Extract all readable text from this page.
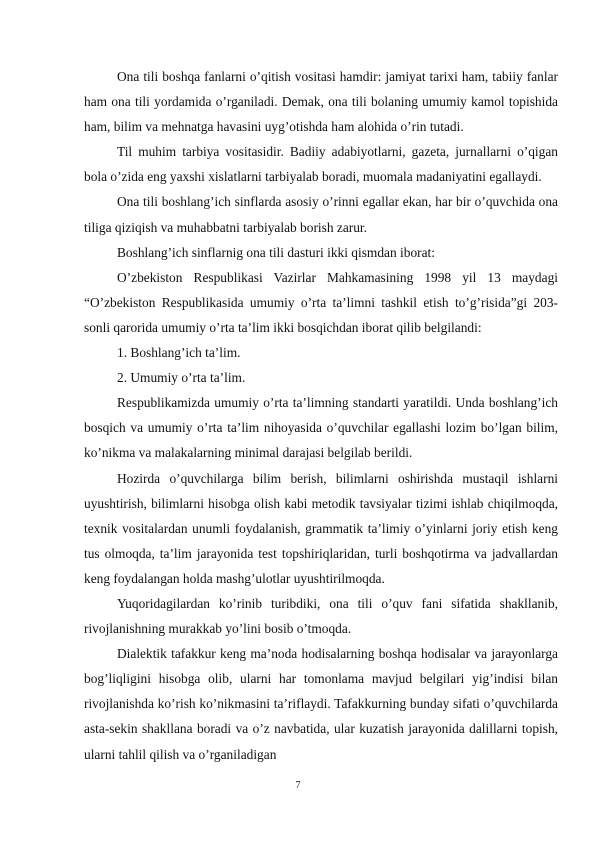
Ona tili boshqa fanlarni o’qitish vositasi hamdir: jamiyat tarixi ham, tabiiy fanlar ham ona tili yordamida o’rganiladi. Demak, ona tili bolaning umumiy kamol topishida ham, bilim va mehnatga havasini uyg’otishda ham alohida o’rin tutadi.

Til muhim tarbiya vositasidir. Badiiy adabiyotlarni, gazeta, jurnallarni o’qigan bola o’zida eng yaxshi xislatlarni tarbiyalab boradi, muomala madaniyatini egallaydi.

Ona tili boshlang’ich sinflarda asosiy o’rinni egallar ekan, har bir o’quvchida ona tiliga qiziqish va muhabbatni tarbiyalab borish zarur.

Boshlang’ich sinflarnig ona tili dasturi ikki qismdan iborat:

O’zbekiston Respublikasi Vazirlar Mahkamasining 1998 yil 13 maydagi “O’zbekiston Respublikasida umumiy o’rta ta’limni tashkil etish to’g’risida”gi 203-sonli qarorida umumiy o’rta ta’lim ikki bosqichdan iborat qilib belgilandi:

1. Boshlang’ich ta’lim.

2. Umumiy o’rta ta’lim.

Respublikamizda umumiy o’rta ta’limning standarti yaratildi. Unda boshlang’ich bosqich va umumiy o’rta ta’lim nihoyasida o’quvchilar egallashi lozim bo’lgan bilim, ko’nikma va malakalarning minimal darajasi belgilab berildi.

Hozirda o’quvchilarga bilim berish, bilimlarni oshirishda mustaqil ishlarni uyushtirish, bilimlarni hisobga olish kabi metodik tavsiyalar tizimi ishlab chiqilmoqda, texnik vositalardan unumli foydalanish, grammatik ta’limiy o’yinlarni joriy etish keng tus olmoqda, ta’lim jarayonida test topshiriqlaridan, turli boshqotirma va jadvallardan keng foydalangan holda mashg’ulotlar uyushtirilmoqda.

Yuqoridagilardan ko’rinib turibdiki, ona tili o’quv fani sifatida shakllanib, rivojlanishning murakkab yo’lini bosib o’tmoqda.

Dialektik tafakkur keng ma’noda hodisalarning boshqa hodisalar va jarayonlarga bog’liqligini hisobga olib, ularni har tomonlama mavjud belgilari yig’indisi bilan rivojlanishda ko’rish ko’nikmasini ta’riflaydi. Tafakkurning bunday sifati o’quvchilarda asta-sekin shakllana boradi va o’z navbatida, ular kuzatish jarayonida dalillarni topish, ularni tahlil qilish va o’rganiladigan

7
